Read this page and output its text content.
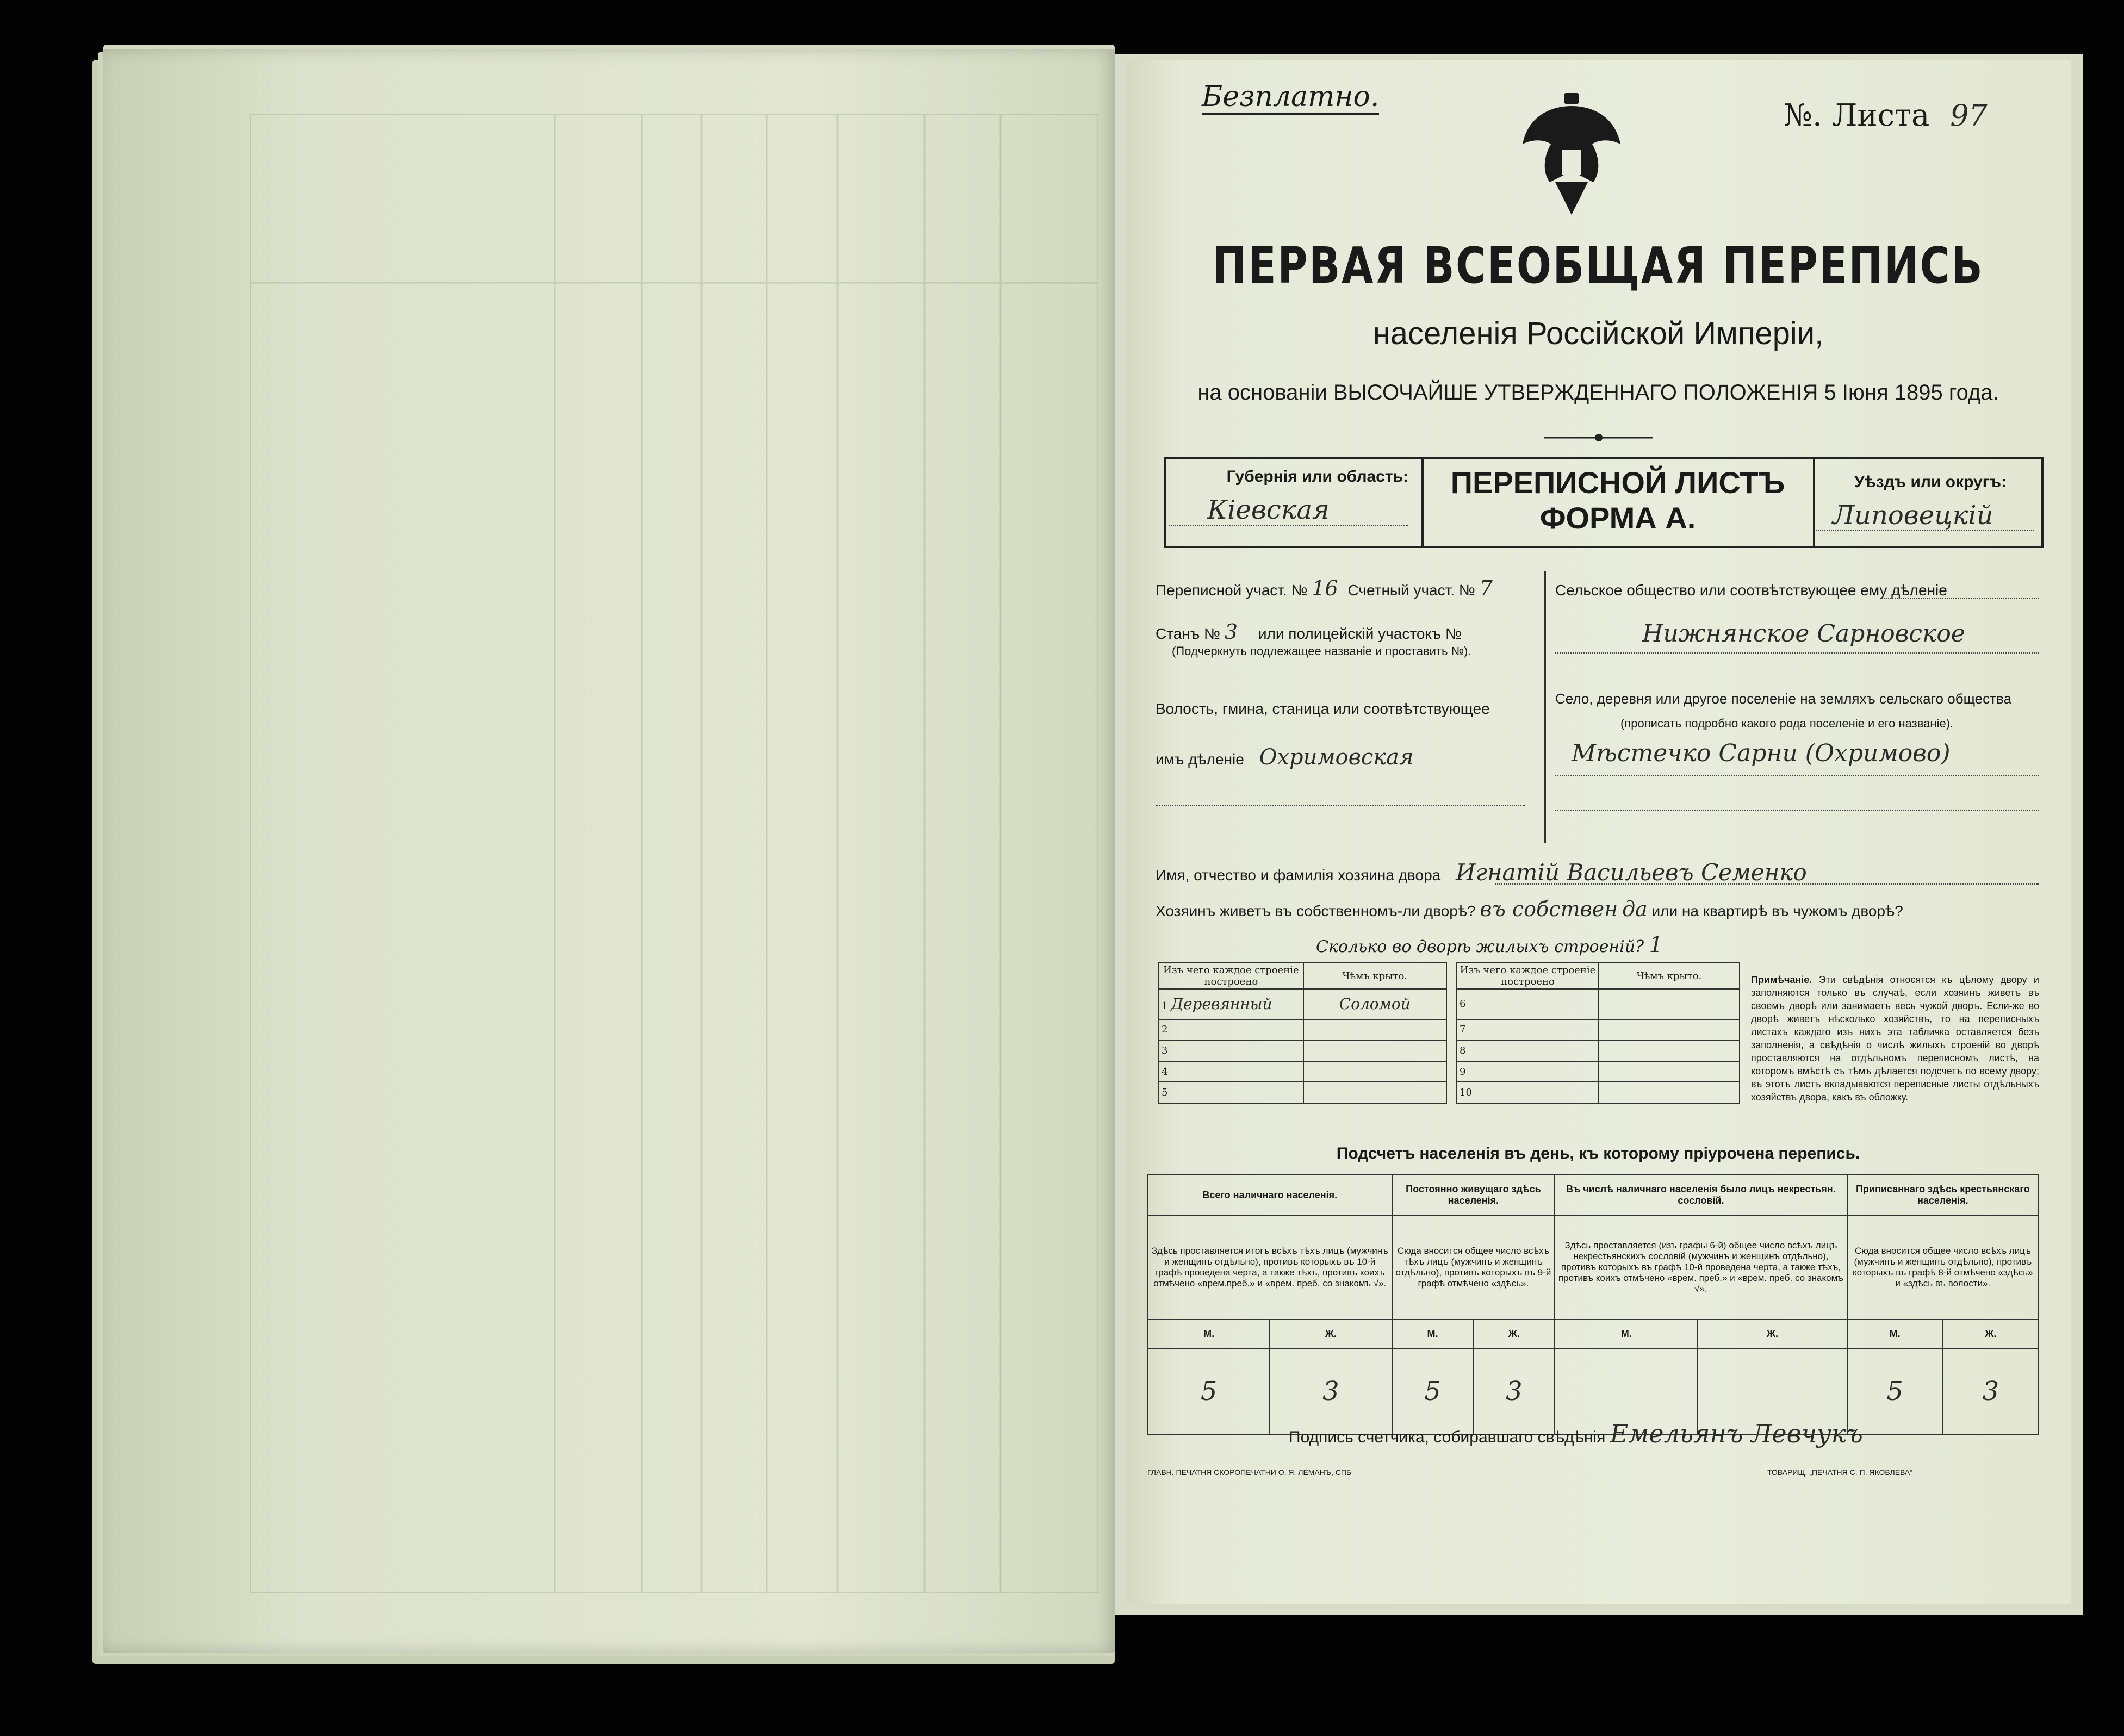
Безплатно.
№. Листа 97
ПЕРВАЯ ВСЕОБЩАЯ ПЕРЕПИСЬ
населенія Россійской Имперіи,
на основаніи ВЫСОЧАЙШЕ УТВЕРЖДЕННАГО ПОЛОЖЕНІЯ 5 Іюня 1895 года.
Губернія или область:
Кіевская
ПЕРЕПИСНОЙ ЛИСТЪ
ФОРМА А.
Уѣздъ или округъ:
Липовецкій
Переписной участ. № 16 Счетный участ. № 7
Станъ № 3 или полицейскій участокъ №
(Подчеркнуть подлежащее названіе и проставить №).
Волость, гмина, станица или соотвѣтствующее
имъ дѣленіе Охримовская
Сельское общество или соотвѣтствующее ему дѣленіе
Нижнянское Сарновское
Село, деревня или другое поселеніе на земляхъ сельскаго общества
(прописать подробно какого рода поселеніе и его названіе).
Мѣстечко Сарни (Охримово)
Имя, отчество и фамилія хозяина двора Игнатій Васильевъ Семенко
Хозяинъ живетъ въ собственномъ-ли дворѣ? въ собствен да или на квартирѣ въ чужомъ дворѣ?
Сколько во дворѣ жилыхъ строеній? 1
Изъ чего каждое строеніе построено	Чѣмъ крыто.		Изъ чего каждое строеніе построено	Чѣмъ крыто.
1 Деревянный	Соломой		6	
2			7	
3			8	
4			9	
5			10	
Примѣчаніе. Эти свѣдѣнія относятся къ цѣлому двору и заполняются только въ случаѣ, если хозяинъ живетъ въ своемъ дворѣ или занимаетъ весь чужой дворъ. Если-же во дворѣ живетъ нѣсколько хозяйствъ, то на переписныхъ листахъ каждаго изъ нихъ эта табличка оставляется безъ заполненія, а свѣдѣнія о числѣ жилыхъ строеній во дворѣ проставляются на отдѣльномъ переписномъ листѣ, на которомъ вмѣстѣ съ тѣмъ дѣлается подсчетъ по всему двору; въ этотъ листъ вкладываются переписные листы отдѣльныхъ хозяйствъ двора, какъ въ обложку.
Подсчетъ населенія въ день, къ которому пріурочена перепись.
Всего наличнаго населенія.		Постоянно живущаго здѣсь населенія.		Въ числѣ наличнаго населенія было лицъ некрестьян. сословій.		Приписаннаго здѣсь крестьянскаго населенія.	
Здѣсь проставляется итогъ всѣхъ тѣхъ лицъ (мужчинъ и женщинъ отдѣльно), противъ которыхъ въ 10-й графѣ проведена черта, а также тѣхъ, противъ коихъ отмѣчено «врем.преб.» и «врем. преб. со знакомъ √».		Сюда вносится общее число всѣхъ тѣхъ лицъ (мужчинъ и женщинъ отдѣльно), противъ которыхъ въ 9-й графѣ отмѣчено «здѣсь».		Здѣсь проставляется (изъ графы 6-й) общее число всѣхъ лицъ некрестьянскихъ сословій (мужчинъ и женщинъ отдѣльно), противъ которыхъ въ графѣ 10-й проведена черта, а также тѣхъ, противъ коихъ отмѣчено «врем. преб.» и «врем. преб. со знакомъ √».		Сюда вносится общее число всѣхъ лицъ (мужчинъ и женщинъ отдѣльно), противъ которыхъ въ графѣ 8-й отмѣчено «здѣсь» и «здѣсь въ волости».	
М.	Ж.	М.	Ж.	М.	Ж.	М.	Ж.
5	3	5	3			5	3
Подпись счетчика, собиравшаго свѣдѣнія Емельянъ Левчукъ
ГЛАВН. ПЕЧАТНЯ СКОРОПЕЧАТНИ О. Я. ЛЕМАНЪ, СПБ	ТОВАРИЩ. „ПЕЧАТНЯ С. П. ЯКОВЛЕВА“
